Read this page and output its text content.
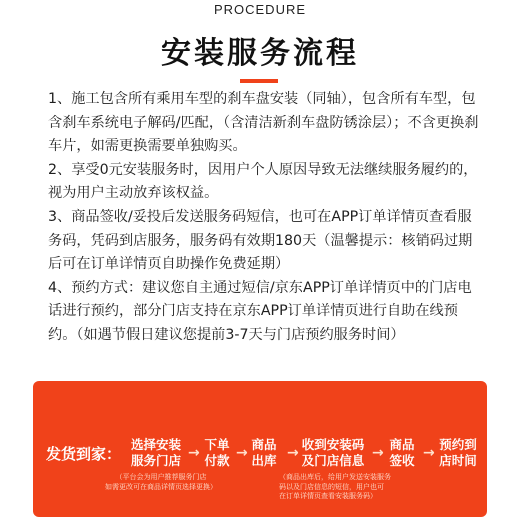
PROCEDURE
安装服务流程

1、施工包含所有乘用车型的刹车盘安装（同轴），包含所有车型，包含刹车系统电子解码/匹配，（含清洁新刹车盘防锈涂层）；不含更换刹车片，如需更换需要单独购买。

2、享受0元安装服务时，因用户个人原因导致无法继续服务履约的，视为用户主动放弃该权益。

3、商品签收/妥投后发送服务码短信，也可在APP订单详情页查看服务码，凭码到店服务，服务码有效期180天（温馨提示：核销码过期后可在订单详情页自助操作免费延期）

4、预约方式：建议您自主通过短信/京东APP订单详情页中的门店电话进行预约，部分门店支持在京东APP订单详情页进行自助在线预约。（如遇节假日建议您提前3-7天与门店预约服务时间）

发货到家：
选择安装
服务门店 →
下单
付款 →
商品
出库 →
收到安装码
及门店信息 →
商品
签收 →
预约到
店时间
（平台会为用户推荐服务门店
如需更改可在商品详情页选择更换）
（商品出库后，给用户发送安装服务
码以及门店信息的短信，用户也可
在订单详情页查看安装服务码）
